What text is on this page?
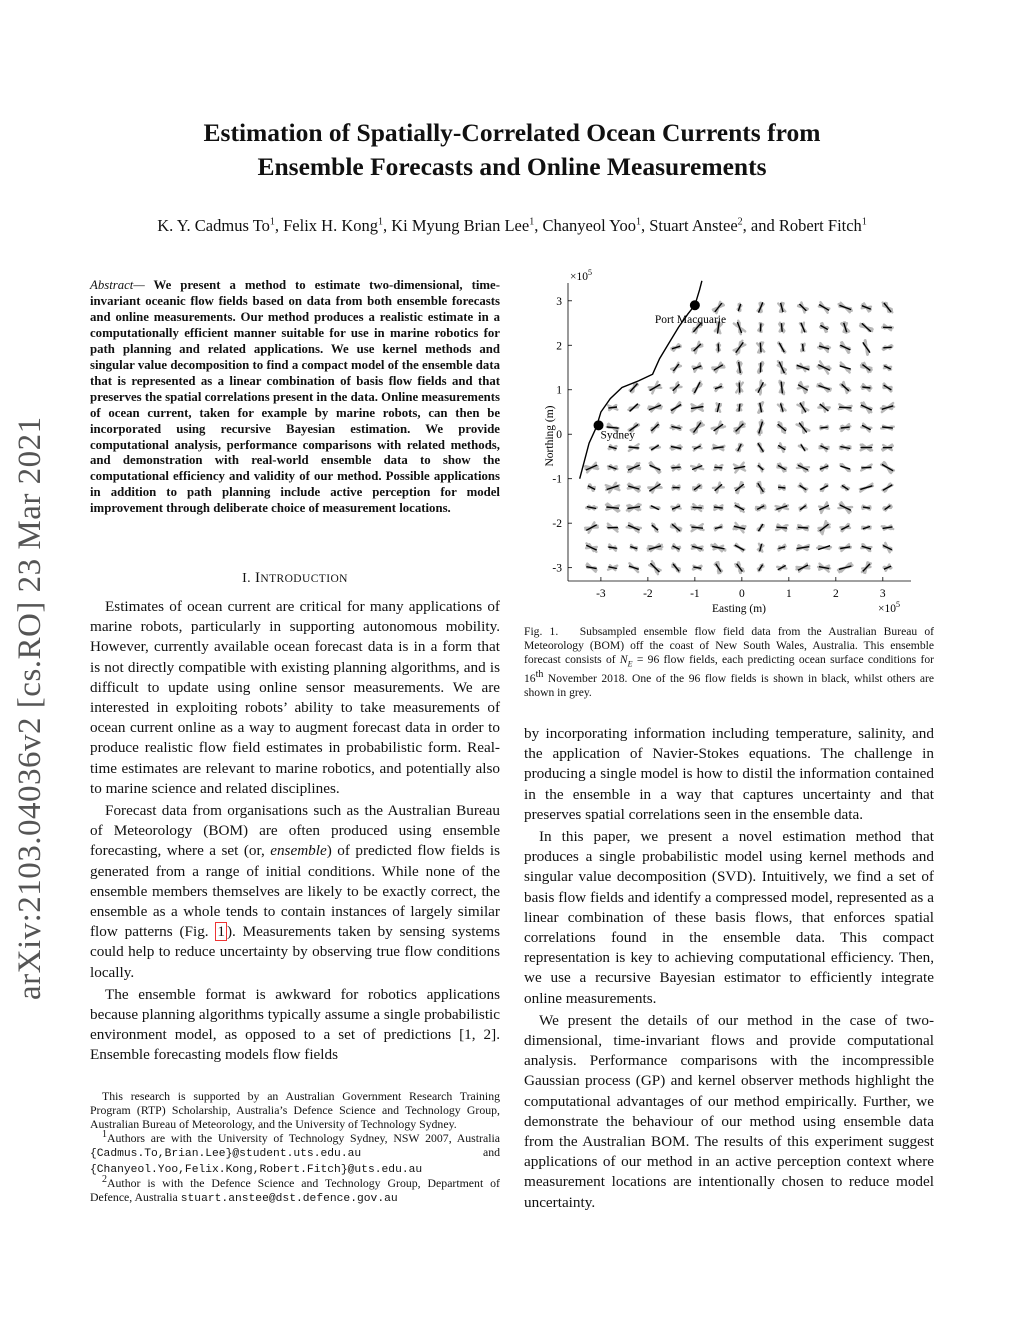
arXiv:2103.04036v2 [cs.RO] 23 Mar 2021
Estimation of Spatially-Correlated Ocean Currents from
Ensemble Forecasts and Online Measurements
K. Y. Cadmus To$^1$, Felix H. Kong$^1$, Ki Myung Brian Lee$^1$, Chanyeol Yoo$^1$, Stuart Anstee$^2$, and Robert Fitch$^1$
Abstract— We present a method to estimate two-dimensional, time-invariant oceanic flow fields based on data from both ensemble forecasts and online measurements. Our method produces a realistic estimate in a computationally efficient manner suitable for use in marine robotics for path planning and related applications. We use kernel methods and singular value decomposition to find a compact model of the ensemble data that is represented as a linear combination of basis flow fields and that preserves the spatial correlations present in the data. Online measurements of ocean current, taken for example by marine robots, can then be incorporated using recursive Bayesian estimation. We provide computational analysis, performance comparisons with related methods, and demonstration with real-world ensemble data to show the computational efficiency and validity of our method. Possible applications in addition to path planning include active perception for model improvement through deliberate choice of measurement locations.
I. INTRODUCTION

Estimates of ocean current are critical for many applications of marine robots, particularly in supporting autonomous mobility. However, currently available ocean forecast data is in a form that is not directly compatible with existing planning algorithms, and is difficult to update using online sensor measurements. We are interested in exploiting robots’ ability to take measurements of ocean current online as a way to augment forecast data in order to produce realistic flow field estimates in probabilistic form. Real-time estimates are relevant to marine robotics, and potentially also to marine science and related disciplines.

Forecast data from organisations such as the Australian Bureau of Meteorology (BOM) are often produced using ensemble forecasting, where a set (or, ensemble) of predicted flow fields is generated from a range of initial conditions. While none of the ensemble members themselves are likely to be exactly correct, the ensemble as a whole tends to contain instances of largely similar flow patterns (Fig. 1 ). Measurements taken by sensing systems could help to reduce uncertainty by observing true flow conditions locally.

The ensemble format is awkward for robotics applications because planning algorithms typically assume a single probabilistic environment model, as opposed to a set of predictions [1, 2]. Ensemble forecasting models flow fields

This research is supported by an Australian Government Research Training Program (RTP) Scholarship, Australia’s Defence Science and Technology Group, Australian Bureau of Meteorology, and the University of Technology Sydney.

$^1$Authors are with the University of Technology Sydney, NSW 2007, Australia {Cadmus.To,Brian.Lee}@student.uts.edu.au	and {Chanyeol.Yoo,Felix.Kong,Robert.Fitch}@uts.edu.au

$^2$Author is with the Defence Science and Technology Group, Department of Defence, Australia stuart.anstee@dst.defence.gov.au

Port Macquarie
Sydney
-3	-2	-1	0	1	2	3
3
2
1
0
-1
-2
-3
$\times 10^5$
$\times 10^5$
Easting (m)
Northing (m)
Fig. 1. Subsampled ensemble flow field data from the Australian Bureau of Meteorology (BOM) off the coast of New South Wales, Australia. This ensemble forecast consists of $N_E = 96$ flow fields, each predicting ocean surface conditions for 16th November 2018. One of the 96 flow fields is shown in black, whilst others are shown in grey.

by incorporating information including temperature, salinity, and the application of Navier-Stokes equations. The challenge in producing a single model is how to distil the information contained in the ensemble in a way that captures uncertainty and that preserves spatial correlations seen in the ensemble data.

In this paper, we present a novel estimation method that produces a single probabilistic model using kernel methods and singular value decomposition (SVD). Intuitively, we find a set of basis flow fields and identify a compressed model, represented as a linear combination of these basis flows, that enforces spatial correlations found in the ensemble data. This compact representation is key to achieving computational efficiency. Then, we use a recursive Bayesian estimator to efficiently integrate online measurements.

We present the details of our method in the case of two-dimensional, time-invariant flows and provide computational analysis. Performance comparisons with the incompressible Gaussian process (GP) and kernel observer methods highlight the computational advantages of our method empirically. Further, we demonstrate the behaviour of our method using ensemble data from the Australian BOM. The results of this experiment suggest applications of our method in an active perception context where measurement locations are intentionally chosen to reduce model uncertainty.
